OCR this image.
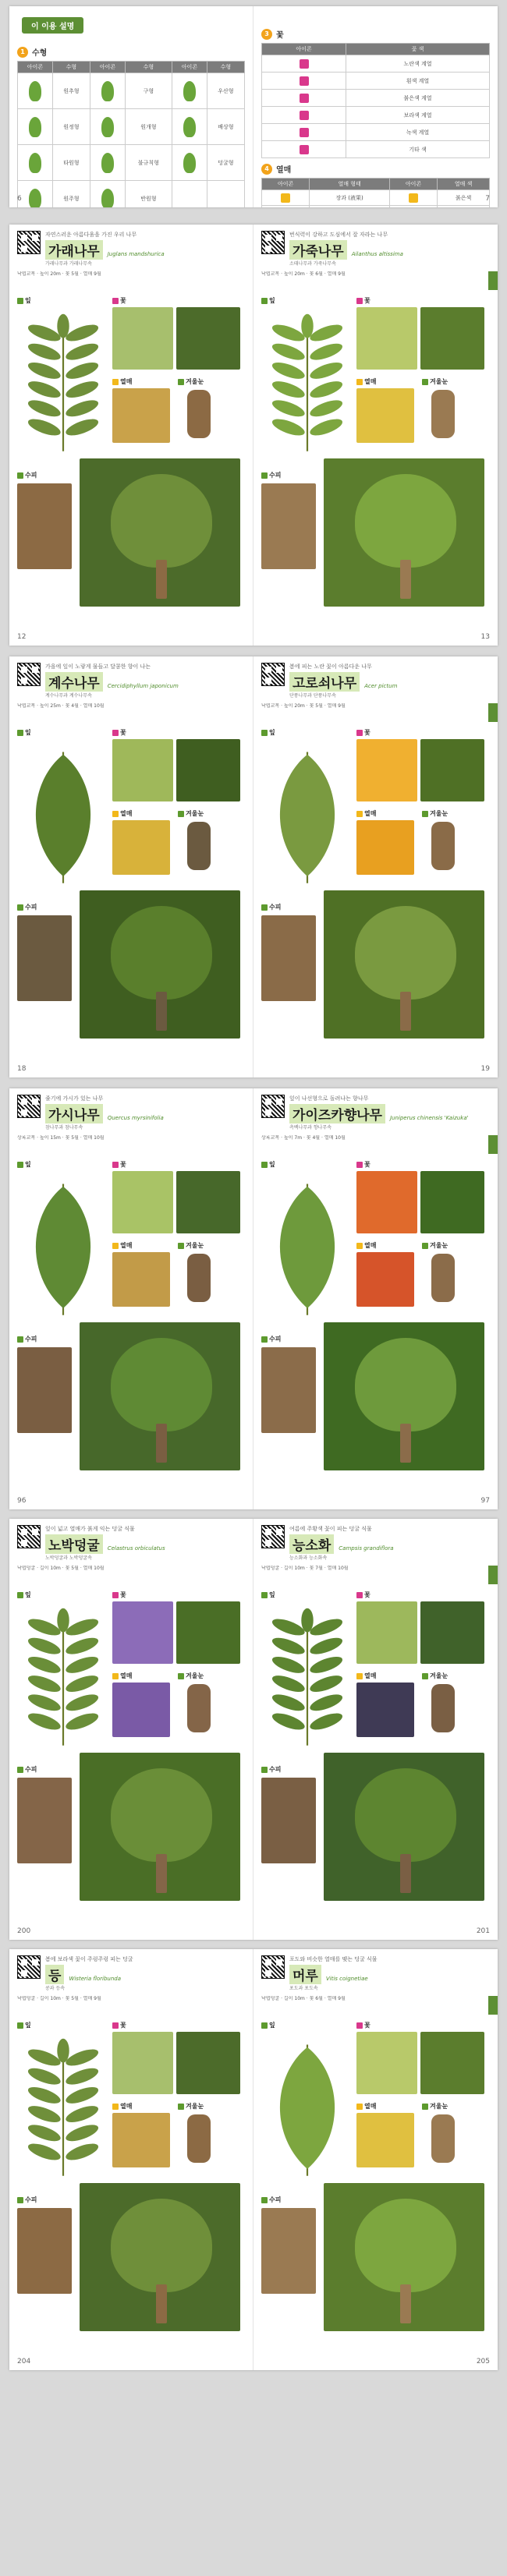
이 이용 설명
1 수형
아이콘	수형	아이콘	수형	아이콘	수형
	원추형		구형		우산형
	원정형		원개형		배상형
	타원형		불규칙형		덩굴형
	원주형		반원형		

6
3 꽃
아이콘	꽃 색
	노란색 계열
	흰색 계열
	붉은색 계열
	보라색 계열
	녹색 계열
	기타 색
4 열매
아이콘	열매 형태	아이콘	열매 색
	장과 (液果)		붉은색

			7
자연스러운 아름다움을 가진 우리 나무
가래나무	Juglans mandshurica
가래나무과 가래나무속
낙엽교목 · 높이 20m · 꽃 5월 · 열매 9월
잎	꽃
열매	겨울눈
수피
12
번식력이 강하고 도심에서 잘 자라는 나무
가죽나무	Ailanthus altissima
소태나무과 가죽나무속
낙엽교목 · 높이 20m · 꽃 6월 · 열매 9월
잎	꽃
열매	겨울눈
수피
13
가을에 잎이 노랗게 물들고 달콤한 향이 나는
계수나무	Cercidiphyllum japonicum
계수나무과 계수나무속
낙엽교목 · 높이 25m · 꽃 4월 · 열매 10월
잎	꽃
열매	겨울눈
수피
18
봄에 피는 노란 꽃이 아름다운 나무
고로쇠나무	Acer pictum
단풍나무과 단풍나무속
낙엽교목 · 높이 20m · 꽃 5월 · 열매 9월
잎	꽃
열매	겨울눈
수피
19
줄기에 가시가 있는 나무
가시나무	Quercus myrsinifolia
참나무과 참나무속
상록교목 · 높이 15m · 꽃 5월 · 열매 10월
잎	꽃
열매	겨울눈
수피
96
잎이 나선형으로 돌려나는 향나무
가이즈카향나무	Juniperus chinensis 'Kaizuka'
측백나무과 향나무속
상록교목 · 높이 7m · 꽃 4월 · 열매 10월
잎	꽃
열매	겨울눈
수피
97
잎이 넓고 열매가 붉게 익는 덩굴 식물
노박덩굴	Celastrus orbiculatus
노박덩굴과 노박덩굴속
낙엽덩굴 · 길이 10m · 꽃 5월 · 열매 10월
잎	꽃
열매	겨울눈
수피
200
여름에 주황색 꽃이 피는 덩굴 식물
능소화	Campsis grandiflora
능소화과 능소화속
낙엽덩굴 · 길이 10m · 꽃 7월 · 열매 10월
잎	꽃
열매	겨울눈
수피
201
봄에 보라색 꽃이 주렁주렁 피는 덩굴
등	Wisteria floribunda
콩과 등속
낙엽덩굴 · 길이 10m · 꽃 5월 · 열매 9월
잎	꽃
열매	겨울눈
수피
204
포도와 비슷한 열매를 맺는 덩굴 식물
머루	Vitis coignetiae
포도과 포도속
낙엽덩굴 · 길이 10m · 꽃 6월 · 열매 9월
잎	꽃
열매	겨울눈
수피
205
